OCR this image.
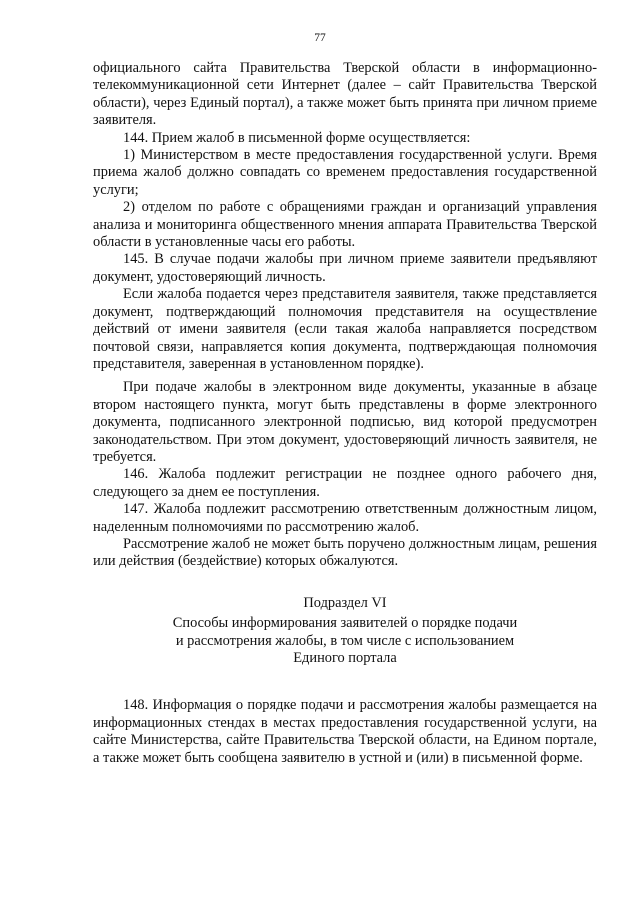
77

официального сайта Правительства Тверской области в информационно-телекоммуникационной сети Интернет (далее – сайт Правительства Тверской области), через Единый портал), а также может быть принята при личном приеме заявителя.

144. Прием жалоб в письменной форме осуществляется:

1) Министерством в месте предоставления государственной услуги. Время приема жалоб должно совпадать со временем предоставления государственной услуги;

2) отделом по работе с обращениями граждан и организаций управления анализа и мониторинга общественного мнения аппарата Правительства Тверской области в установленные часы его работы.

145. В случае подачи жалобы при личном приеме заявители предъявляют документ, удостоверяющий личность.

Если жалоба подается через представителя заявителя, также представляется документ, подтверждающий полномочия представителя на осуществление действий от имени заявителя (если такая жалоба направляется посредством почтовой связи, направляется копия документа, подтверждающая полномочия представителя, заверенная в установленном порядке).

При подаче жалобы в электронном виде документы, указанные в абзаце втором настоящего пункта, могут быть представлены в форме электронного документа, подписанного электронной подписью, вид которой предусмотрен законодательством. При этом документ, удостоверяющий личность заявителя, не требуется.

146. Жалоба подлежит регистрации не позднее одного рабочего дня, следующего за днем ее поступления.

147. Жалоба подлежит рассмотрению ответственным должностным лицом, наделенным полномочиями по рассмотрению жалоб.

Рассмотрение жалоб не может быть поручено должностным лицам, решения или действия (бездействие) которых обжалуются.

Подраздел VI
Способы информирования заявителей о порядке подачи
и рассмотрения жалобы, в том числе с использованием
Единого портала

148. Информация о порядке подачи и рассмотрения жалобы размещается на информационных стендах в местах предоставления государственной услуги, на сайте Министерства, сайте Правительства Тверской области, на Едином портале, а также может быть сообщена заявителю в устной и (или) в письменной форме.
